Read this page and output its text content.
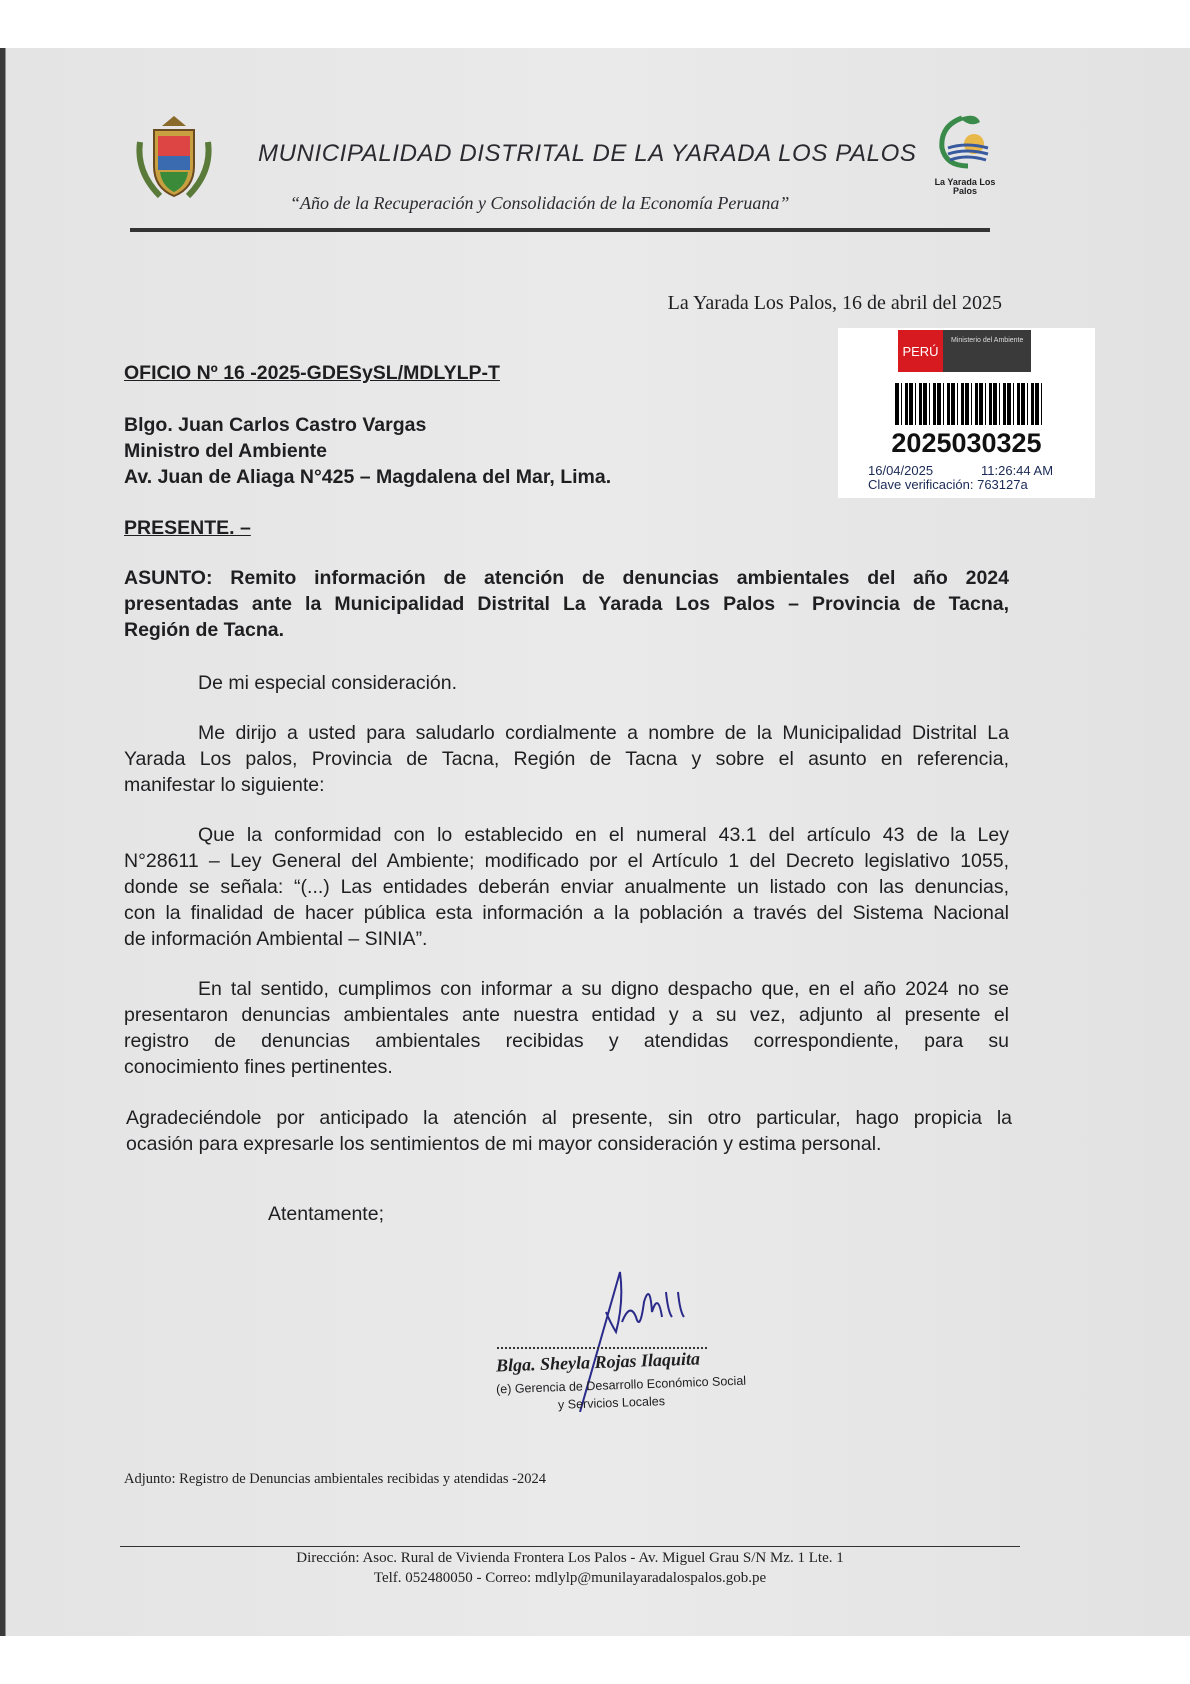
MUNICIPALIDAD DISTRITAL DE LA YARADA LOS PALOS
“Año de la Recuperación y Consolidación de la Economía Peruana”
La Yarada Los Palos
La Yarada Los Palos, 16 de abril del 2025
PERÚ
Ministerio del Ambiente
2025030325
16/04/2025	11:26:44 AM
Clave verificación: 763127a
OFICIO Nº 16 -2025-GDESySL/MDLYLP-T
Blgo. Juan Carlos Castro Vargas
Ministro del Ambiente
Av. Juan de Aliaga N°425 – Magdalena del Mar, Lima.
PRESENTE. –
ASUNTO: Remito información de atención de denuncias ambientales del año 2024
presentadas ante la Municipalidad Distrital La Yarada Los Palos – Provincia de Tacna,
Región de Tacna.
De mi especial consideración.
Me dirijo a usted para saludarlo cordialmente a nombre de la Municipalidad Distrital La
Yarada Los palos, Provincia de Tacna, Región de Tacna y sobre el asunto en referencia,
manifestar lo siguiente:
Que la conformidad con lo establecido en el numeral 43.1 del artículo 43 de la Ley
N°28611 – Ley General del Ambiente; modificado por el Artículo 1 del Decreto legislativo 1055,
donde se señala: “(...) Las entidades deberán enviar anualmente un listado con las denuncias,
con la finalidad de hacer pública esta información a la población a través del Sistema Nacional
de información Ambiental – SINIA”.
En tal sentido, cumplimos con informar a su digno despacho que, en el año 2024 no se
presentaron denuncias ambientales ante nuestra entidad y a su vez, adjunto al presente el
registro de denuncias ambientales recibidas y atendidas correspondiente, para su
conocimiento fines pertinentes.
Agradeciéndole por anticipado la atención al presente, sin otro particular, hago propicia la
ocasión para expresarle los sentimientos de mi mayor consideración y estima personal.
Atentamente;
Blga. Sheyla Rojas Ilaquita
(e) Gerencia de Desarrollo Económico Social
y Servicios Locales
Adjunto: Registro de Denuncias ambientales recibidas y atendidas -2024
Dirección: Asoc. Rural de Vivienda Frontera Los Palos - Av. Miguel Grau S/N Mz. 1 Lte. 1
Telf. 052480050 - Correo: mdlylp@munilayaradalospalos.gob.pe
